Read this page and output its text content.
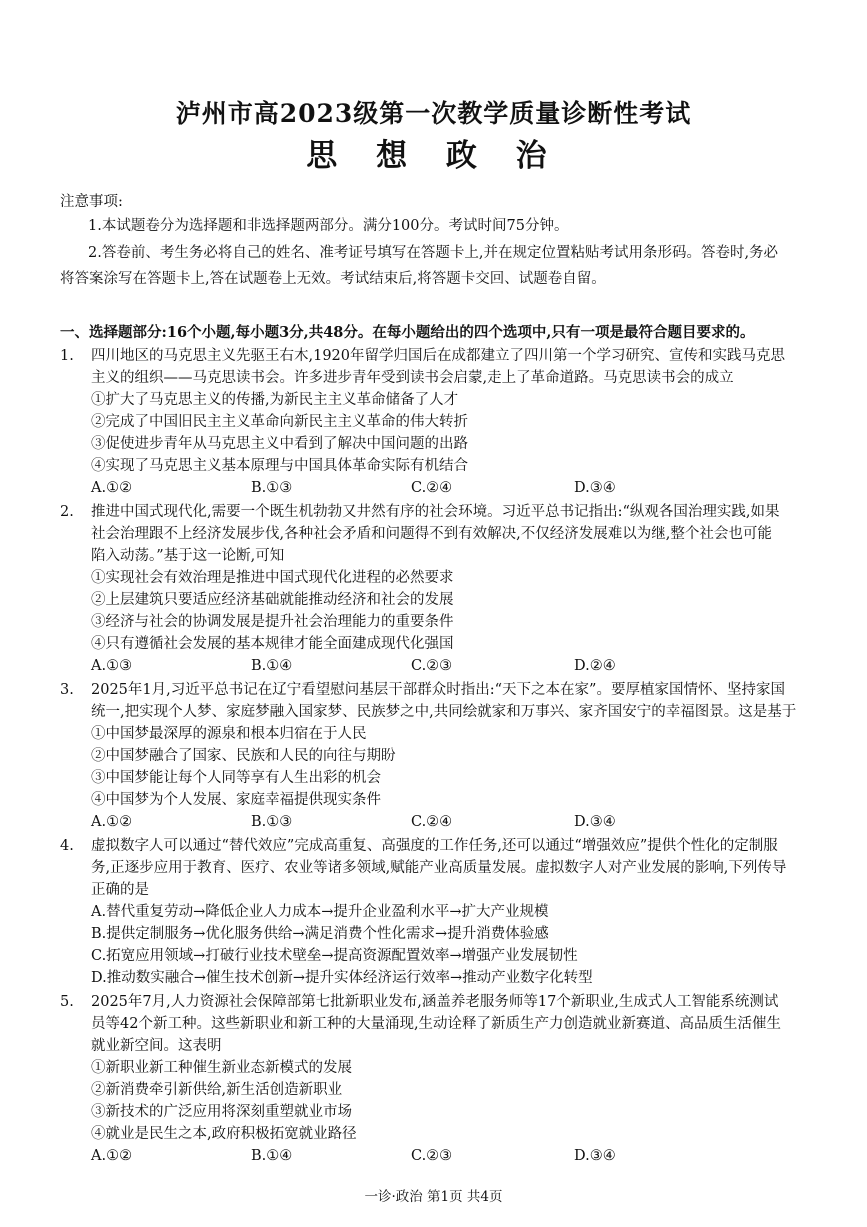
泸州市高2023级第一次教学质量诊断性考试
思 想 政 治
注意事项:
1.本试题卷分为选择题和非选择题两部分。满分100分。考试时间75分钟。
2.答卷前、考生务必将自己的姓名、准考证号填写在答题卡上,并在规定位置粘贴考试用条形码。答卷时,务必
将答案涂写在答题卡上,答在试题卷上无效。考试结束后,将答题卡交回、试题卷自留。
一、选择题部分:16个小题,每小题3分,共48分。在每小题给出的四个选项中,只有一项是最符合题目要求的。
1. 四川地区的马克思主义先驱王右木,1920年留学归国后在成都建立了四川第一个学习研究、宣传和实践马克思
主义的组织——马克思读书会。许多进步青年受到读书会启蒙,走上了革命道路。马克思读书会的成立
①扩大了马克思主义的传播,为新民主主义革命储备了人才
②完成了中国旧民主主义革命向新民主主义革命的伟大转折
③促使进步青年从马克思主义中看到了解决中国问题的出路
④实现了马克思主义基本原理与中国具体革命实际有机结合
A.①②	B.①③	C.②④	D.③④
2. 推进中国式现代化,需要一个既生机勃勃又井然有序的社会环境。习近平总书记指出:“纵观各国治理实践,如果
社会治理跟不上经济发展步伐,各种社会矛盾和问题得不到有效解决,不仅经济发展难以为继,整个社会也可能
陷入动荡。”基于这一论断,可知
①实现社会有效治理是推进中国式现代化进程的必然要求
②上层建筑只要适应经济基础就能推动经济和社会的发展
③经济与社会的协调发展是提升社会治理能力的重要条件
④只有遵循社会发展的基本规律才能全面建成现代化强国
A.①③	B.①④	C.②③	D.②④
3. 2025年1月,习近平总书记在辽宁看望慰问基层干部群众时指出:“天下之本在家”。要厚植家国情怀、坚持家国
统一,把实现个人梦、家庭梦融入国家梦、民族梦之中,共同绘就家和万事兴、家齐国安宁的幸福图景。这是基于
①中国梦最深厚的源泉和根本归宿在于人民
②中国梦融合了国家、民族和人民的向往与期盼
③中国梦能让每个人同等享有人生出彩的机会
④中国梦为个人发展、家庭幸福提供现实条件
A.①②	B.①③	C.②④	D.③④
4. 虚拟数字人可以通过“替代效应”完成高重复、高强度的工作任务,还可以通过“增强效应”提供个性化的定制服
务,正逐步应用于教育、医疗、农业等诸多领域,赋能产业高质量发展。虚拟数字人对产业发展的影响,下列传导
正确的是
A.替代重复劳动→降低企业人力成本→提升企业盈利水平→扩大产业规模
B.提供定制服务→优化服务供给→满足消费个性化需求→提升消费体验感
C.拓宽应用领域→打破行业技术壁垒→提高资源配置效率→增强产业发展韧性
D.推动数实融合→催生技术创新→提升实体经济运行效率→推动产业数字化转型
5. 2025年7月,人力资源社会保障部第七批新职业发布,涵盖养老服务师等17个新职业,生成式人工智能系统测试
员等42个新工种。这些新职业和新工种的大量涌现,生动诠释了新质生产力创造就业新赛道、高品质生活催生
就业新空间。这表明
①新职业新工种催生新业态新模式的发展
②新消费牵引新供给,新生活创造新职业
③新技术的广泛应用将深刻重塑就业市场
④就业是民生之本,政府积极拓宽就业路径
A.①②	B.①④	C.②③	D.③④
一诊·政治 第1页 共4页
